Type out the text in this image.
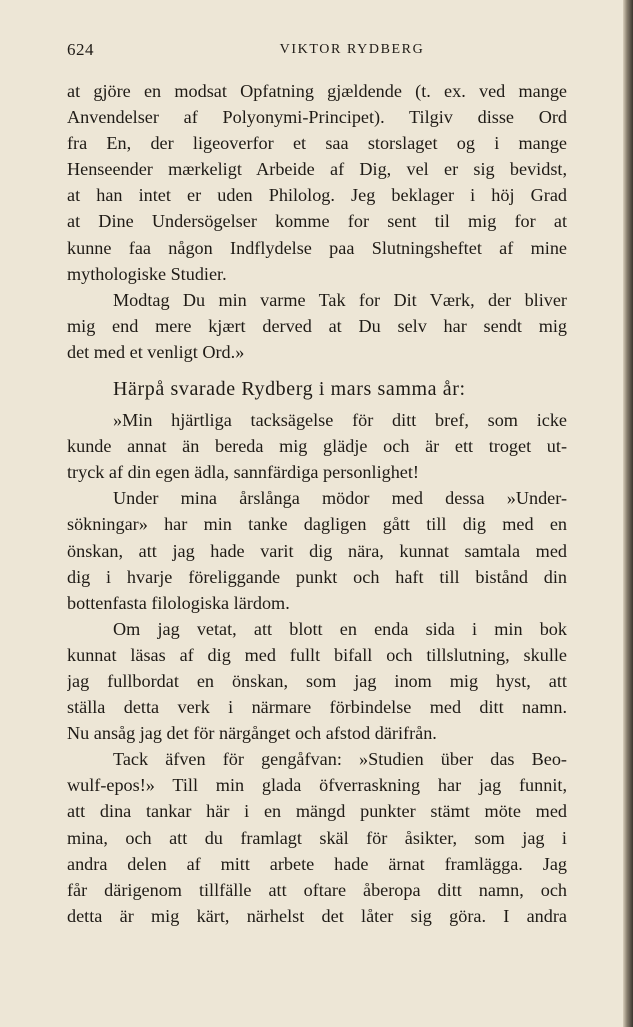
624	VIKTOR RYDBERG
at gjöre en modsat Opfatning gjældende (t. ex. ved mange
Anvendelser af Polyonymi-Principet). Tilgiv disse Ord
fra En, der ligeoverfor et saa storslaget og i mange
Henseender mærkeligt Arbeide af Dig, vel er sig bevidst,
at han intet er uden Philolog. Jeg beklager i höj Grad
at Dine Undersögelser komme for sent til mig for at
kunne faa någon Indflydelse paa Slutningsheftet af mine
mythologiske Studier.
Modtag Du min varme Tak for Dit Værk, der bliver
mig end mere kjært derved at Du selv har sendt mig
det med et venligt Ord.»
Härpå svarade Rydberg i mars samma år:
»Min hjärtliga tacksägelse för ditt bref, som icke
kunde annat än bereda mig glädje och är ett troget ut-
tryck af din egen ädla, sannfärdiga personlighet!
Under mina årslånga mödor med dessa »Under-
sökningar» har min tanke dagligen gått till dig med en
önskan, att jag hade varit dig nära, kunnat samtala med
dig i hvarje föreliggande punkt och haft till bistånd din
bottenfasta filologiska lärdom.
Om jag vetat, att blott en enda sida i min bok
kunnat läsas af dig med fullt bifall och tillslutning, skulle
jag fullbordat en önskan, som jag inom mig hyst, att
ställa detta verk i närmare förbindelse med ditt namn.
Nu ansåg jag det för närgånget och afstod därifrån.
Tack äfven för gengåfvan: »Studien über das Beo-
wulf-epos!» Till min glada öfverraskning har jag funnit,
att dina tankar här i en mängd punkter stämt möte med
mina, och att du framlagt skäl för åsikter, som jag i
andra delen af mitt arbete hade ärnat framlägga. Jag
får därigenom tillfälle att oftare åberopa ditt namn, och
detta är mig kärt, närhelst det låter sig göra. I andra
